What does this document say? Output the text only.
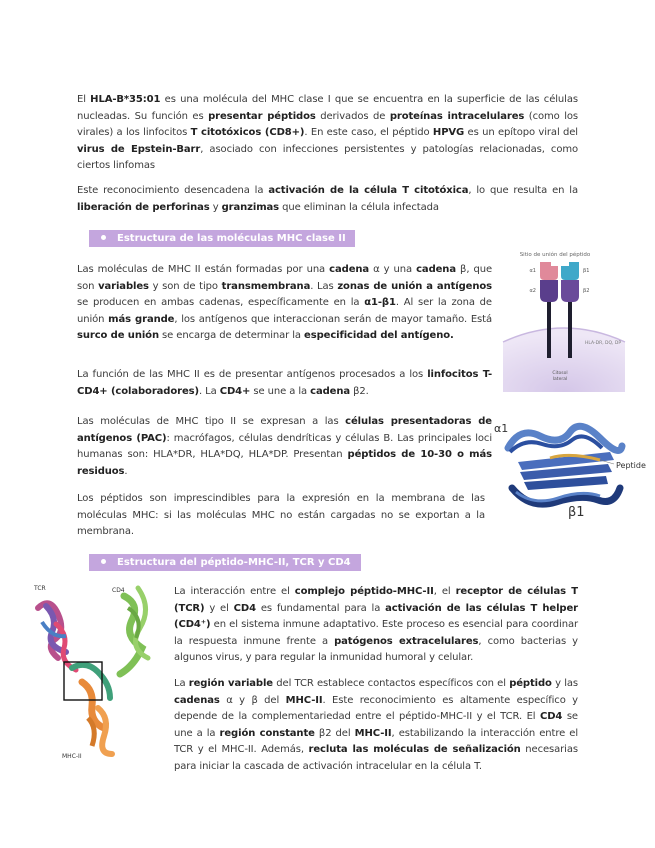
El HLA-B*35:01 es una molécula del MHC clase I que se encuentra en la superficie de las células nucleadas. Su función es presentar péptidos derivados de proteínas intracelulares (como los virales) a los linfocitos T citotóxicos (CD8+). En este caso, el péptido HPVG es un epítopo viral del virus de Epstein-Barr, asociado con infecciones persistentes y patologías relacionadas, como ciertos linfomas

Este reconocimiento desencadena la activación de la célula T citotóxica, lo que resulta en la liberación de perforinas y granzimas que eliminan la célula infectada

Estructura de las moléculas MHC clase II

Las moléculas de MHC II están formadas por una cadena α y una cadena β, que son variables y son de tipo transmembrana. Las zonas de unión a antígenos se producen en ambas cadenas, específicamente en la α1-β1. Al ser la zona de unión más grande, los antígenos que interaccionan serán de mayor tamaño. Está surco de unión se encarga de determinar la especificidad del antígeno.

La función de las MHC II es de presentar antígenos procesados a los linfocitos T-CD4+ (colaboradores). La CD4+ se une a la cadena β2.

Las moléculas de MHC tipo II se expresan a las células presentadoras de antígenos (PAC): macrófagos, células dendríticas y células B. Las principales loci humanas son: HLA*DR, HLA*DQ, HLA*DP. Presentan péptidos de 10-30 o más residuos.

Los péptidos son imprescindibles para la expresión en la membrana de las moléculas MHC: si las moléculas MHC no están cargadas no se exportan a la membrana.

Sitio de unión del péptido
α1
α2
β1
β2
HLA-DR, DQ, DP
Citosol
lateral
α1
Peptide
β1
Estructura del péptido-MHC-II, TCR y CD4
TCR	CD4
MHC-II

La interacción entre el complejo péptido-MHC-II, el receptor de células T (TCR) y el CD4 es fundamental para la activación de las células T helper (CD4⁺) en el sistema inmune adaptativo. Este proceso es esencial para coordinar la respuesta inmune frente a patógenos extracelulares, como bacterias y algunos virus, y para regular la inmunidad humoral y celular.

La región variable del TCR establece contactos específicos con el péptido y las cadenas α y β del MHC-II. Este reconocimiento es altamente específico y depende de la complementariedad entre el péptido-MHC-II y el TCR. El CD4 se une a la región constante β2 del MHC-II, estabilizando la interacción entre el TCR y el MHC-II. Además, recluta las moléculas de señalización necesarias para iniciar la cascada de activación intracelular en la célula T.
